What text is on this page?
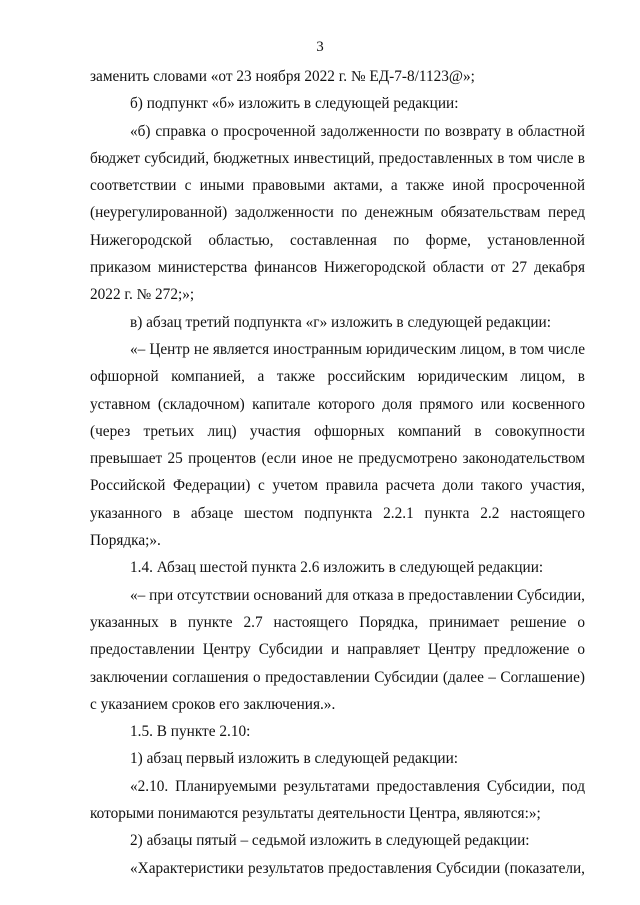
3

заменить словами «от 23 ноября 2022 г. № ЕД-7-8/1123@»;

б) подпункт «б» изложить в следующей редакции:

«б) справка о просроченной задолженности по возврату в областной бюджет субсидий, бюджетных инвестиций, предоставленных в том числе в соответствии с иными правовыми актами, а также иной просроченной (неурегулированной) задолженности по денежным обязательствам перед Нижегородской областью, составленная по форме, установленной приказом министерства финансов Нижегородской области от 27 декабря 2022 г. № 272;»;

в) абзац третий подпункта «г» изложить в следующей редакции:

«– Центр не является иностранным юридическим лицом, в том числе офшорной компанией, а также российским юридическим лицом, в уставном (складочном) капитале которого доля прямого или косвенного (через третьих лиц) участия офшорных компаний в совокупности превышает 25 процентов (если иное не предусмотрено законодательством Российской Федерации) с учетом правила расчета доли такого участия, указанного в абзаце шестом подпункта 2.2.1 пункта 2.2 настоящего Порядка;».

1.4. Абзац шестой пункта 2.6 изложить в следующей редакции:

«– при отсутствии оснований для отказа в предоставлении Субсидии, указанных в пункте 2.7 настоящего Порядка, принимает решение о предоставлении Центру Субсидии и направляет Центру предложение о заключении соглашения о предоставлении Субсидии (далее – Соглашение) с указанием сроков его заключения.».

1.5. В пункте 2.10:

1) абзац первый изложить в следующей редакции:

«2.10. Планируемыми результатами предоставления Субсидии, под которыми понимаются результаты деятельности Центра, являются:»;

2) абзацы пятый – седьмой изложить в следующей редакции:

«Характеристики результатов предоставления Субсидии (показатели,
